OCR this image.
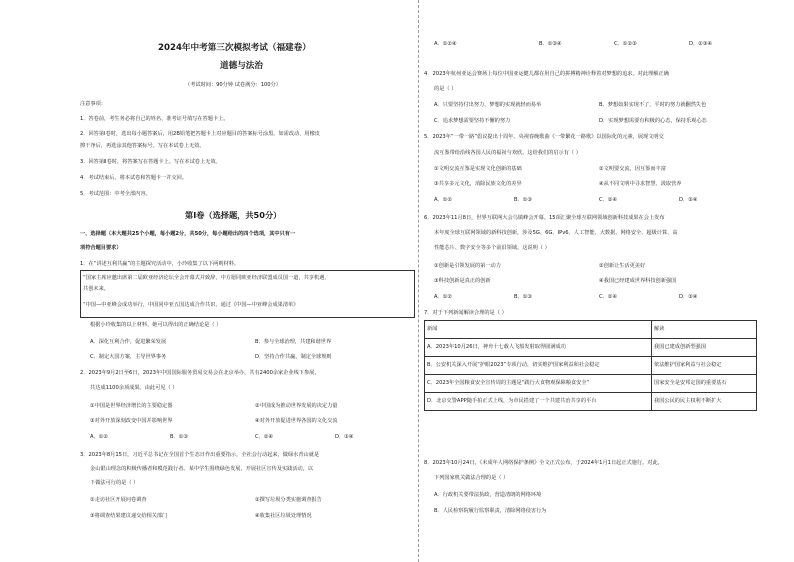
2024年中考第三次模拟考试（福建卷）
道德与法治
（考试时间：90分钟 试卷满分：100分）
注意事项：
1．答卷前，考生务必将自己的姓名、准考证号填写在答题卡上。
2．回答第Ⅰ卷时，选出每小题答案后，用2B铅笔把答题卡上对应题目的答案标号涂黑。如需改动，用橡皮
擦干净后，再选涂其他答案标号。写在本试卷上无效。
3．回答第Ⅱ卷时，将答案写在答题卡上。写在本试卷上无效。
4．考试结束后，将本试卷和答题卡一并交回。
5．考试范围：中考全部内容。
第Ⅰ卷（选择题，共50分）
一、选择题（本大题共25个小题，每小题2分，共50分，每小题给出的四个选项，其中只有一
项符合题目要求）
1．在“讲述互利共赢”的主题探究活动中，小玲收集了以下两则材料。
“国家主席应邀出席第二届欧亚经济论坛全会开幕式并致辞，中方愿同欧亚经济联盟成员国一道，共享机遇，
共创未来。
“中国—中亚峰会成功举行，中国同中亚五国达成合作共识，通过《中国—中亚峰会成果清单》
根据小玲收集的以上材料，她可以得出的正确结论是（ ）
A．深化互利合作，促进繁荣发展	B．参与全球治理，共建和谐世界
C．制定大国方案，主导世界事务	D．坚持合作共赢，制定全球规则
2．2023年9月2日至6日，2023年中国国际服务贸易交易会在北京举办，共有2400余家企业线下参展，
共达成1100余项成果。由此可见（ ）
①中国是世界经济增长的主要稳定器	②中国成为推动世界发展的决定力量
③对外开放深刻改变中国并影响世界	④对外开放促进世界各国的文化交流
A．①②	B．①③	C．②④	D．③④
3．2023年8月15日，习近平总书记在全国首个生态日作出重要指示，全社会行动起来，做绿水青山就是
金山银山理念的积极传播者和模范践行者。某中学生围绕绿色发展，开展社区宣传及实践活动，以
下做法可行的是（ ）
①走访社区开展问卷调查	②撰写垃圾分类实施调查报告
③将调查结果建议递交给相关部门	④收集社区垃圾处理情况
A．①②④	B．①③④	C．①②③	D．②③④
4．2023年杭州亚运会赛场上每位中国亚运健儿都在用自己的拼搏精神诠释着对梦想的追求。对此理解正确
的是（ ）
A．只要坚持付出努力，梦想的实现就轻而易举	B．梦想如果实现不了，平时的努力就翻然失色
C．追求梦想需要坚持不懈的努力	D．实现梦想需要有积极的心态，保持乐观心态
5．2023年“一带一路”倡议提出十周年。央视春晚歌曲《一带繁花一路歌》以国际化的元素，展现文明交
流互鉴带给沿线各国人民的福祉与欢欣。这给我们的启示有（ ）
①文明交流互鉴是实现文化创新的基础	②文明要交流，因互鉴而丰富
③共享多元文化，消除民族文化的差异	④从不同文明中寻求智慧、汲取营养
A．①②	B．①③	C．②④	D．③④
6．2023年11月8日，世界互联网大会乌镇峰会开幕。15项汇聚全球互联网领域创新科技成果在会上发布
本年度全球互联网领域的新科技创新，涉及5G、6G、IPv6、人工智能、大数据、网络安全、超级计算、高
性能芯片、数字安全等多个前沿领域。这说明（ ）
①创新是引领发展的第一动力	②创新让生活更美好
③科技创新是真正的创新	④我国已经建成世界科技创新强国
A．①②	B．①③	C．②④	D．③④
7．对于下列新闻解读合理的是（ ）
新闻	解读
A．2023年10月26日，神舟十七载人飞船发射取得圆满成功	我国已建成创新型强国
B．公安机关深入开展“护眼2023”专项行动，切实维护国家利益和社会稳定	依法维护国家利益与社会稳定
C．2023年全国粮食安全宣传周的主题是“践行大食物观保障粮食安全”	国家安全是安邦定国的重要基石
D．北京交警APP随手拍正式上线，为市民搭建了一个共建共治共享的平台	我国公民的民主权利不断扩大
8．2023年10月24日，《未成年人网络保护条例》全文正式公布，于2024年1月1日起正式施行。对此，
下列国家机关做法合理的是（ ）
A．行政机关要带法执政，营造清朗的网络环境
B．人民检察院履行监察职责，清除网络侵害行为
